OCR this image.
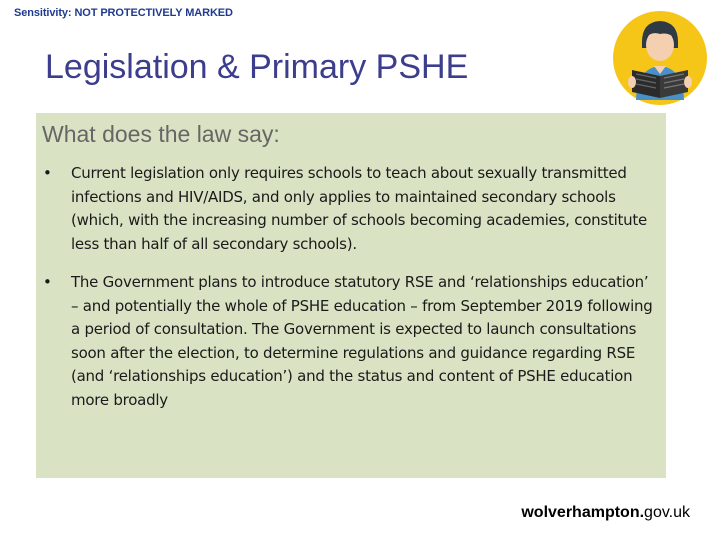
Sensitivity: NOT PROTECTIVELY MARKED
Legislation & Primary PSHE
What does the law say:
• Current legislation only requires schools to teach about sexually transmitted infections and HIV/AIDS, and only applies to maintained secondary schools (which, with the increasing number of schools becoming academies, constitute less than half of all secondary schools).
• The Government plans to introduce statutory RSE and ‘relationships education’ – and potentially the whole of PSHE education – from September 2019 following a period of consultation. The Government is expected to launch consultations soon after the election, to determine regulations and guidance regarding RSE (and ‘relationships education’) and the status and content of PSHE education more broadly
wolverhampton.gov.uk
